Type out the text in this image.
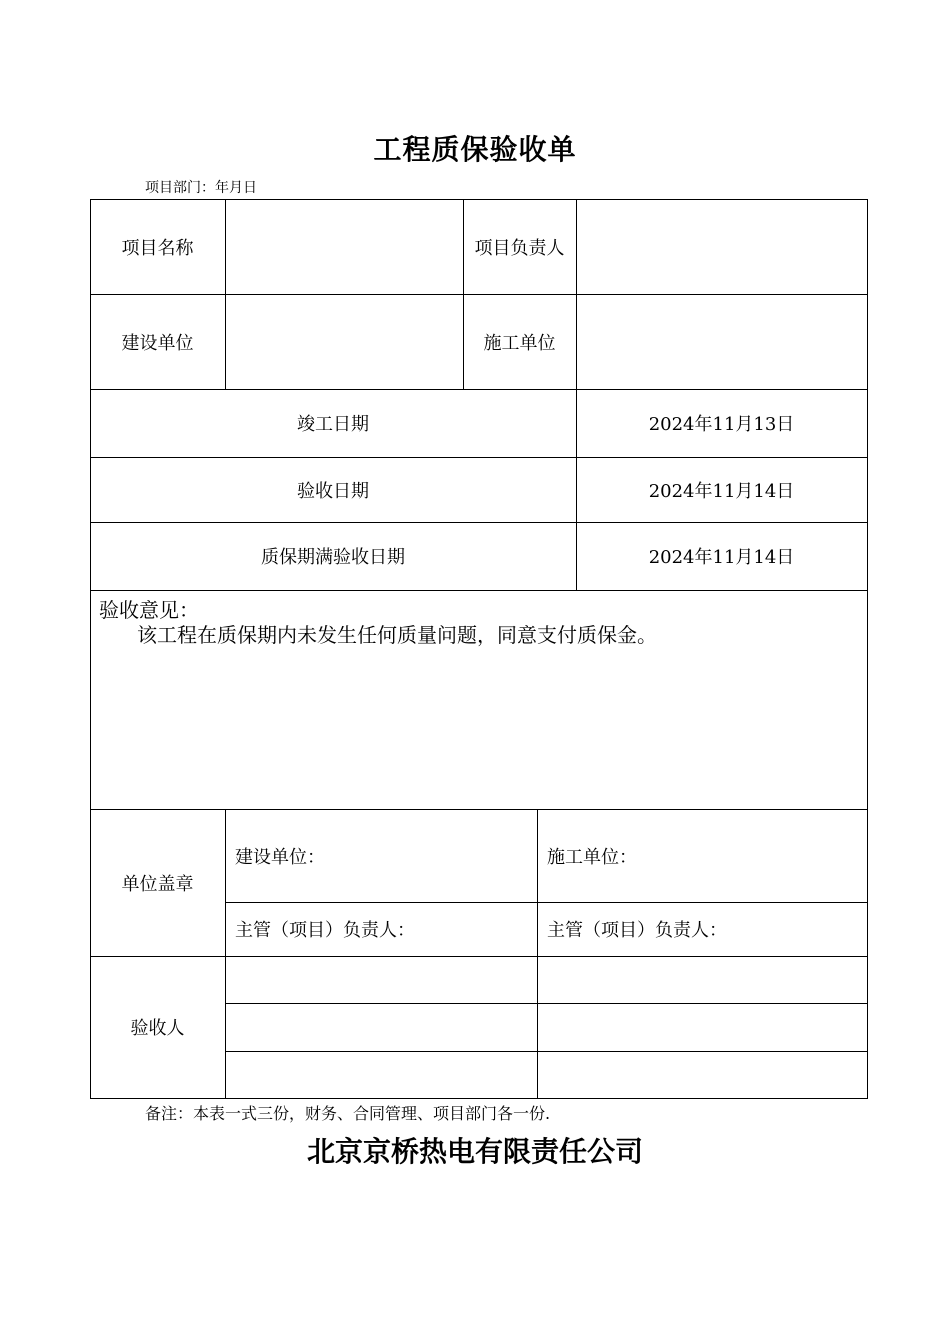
工程质保验收单
项目部门：年月日
项目名称	项目负责人
建设单位	施工单位
竣工日期	2024年11月13日
验收日期	2024年11月14日
质保期满验收日期	2024年11月14日
验收意见：
该工程在质保期内未发生任何质量问题，同意支付质保金。
单位盖章
建设单位：	施工单位：
主管（项目）负责人：	主管（项目）负责人：
验收人
备注：本表一式三份，财务、合同管理、项目部门各一份.
北京京桥热电有限责任公司
